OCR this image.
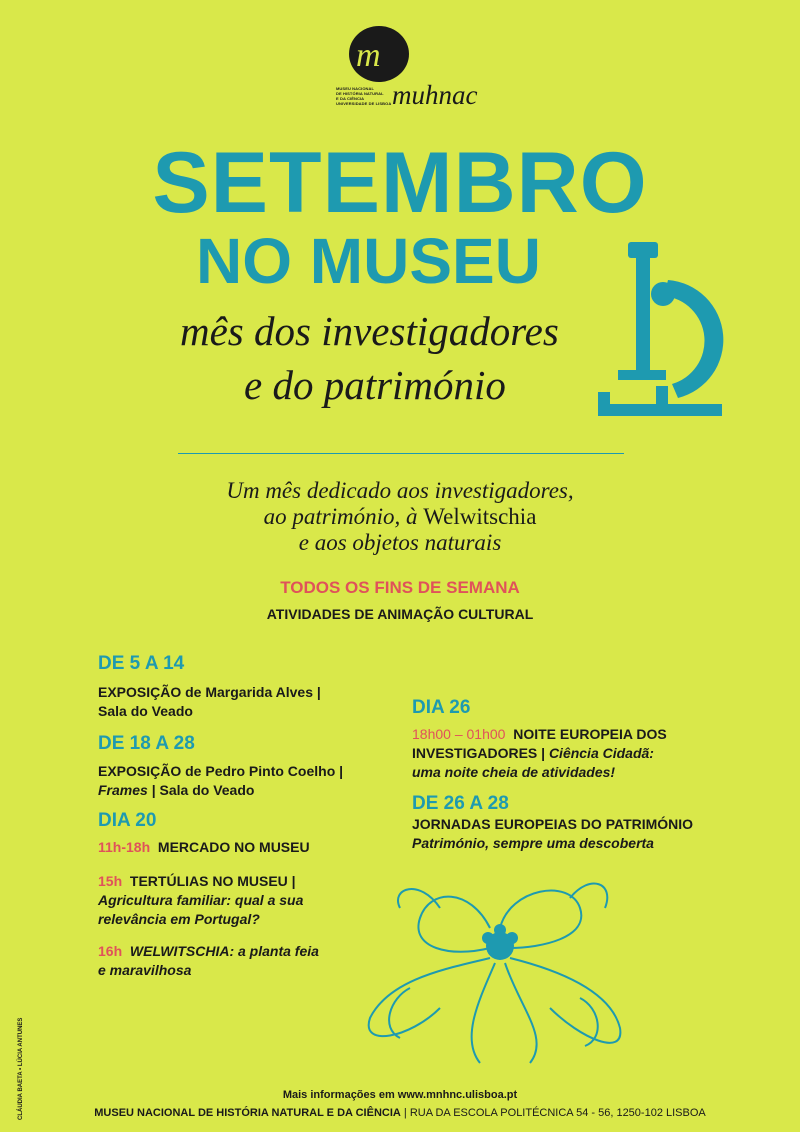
m
MUSEU NACIONAL
DE HISTÓRIA NATURAL
E DA CIÊNCIA
UNIVERSIDADE DE LISBOA muhnac
SETEMBRO
NO MUSEU
mês dos investigadores
e do património
Um mês dedicado aos investigadores,
ao património, à Welwitschia
e aos objetos naturais
TODOS OS FINS DE SEMANA
ATIVIDADES DE ANIMAÇÃO CULTURAL
DE 5 A 14
EXPOSIÇÃO de Margarida Alves |
Sala do Veado
DE 18 A 28
EXPOSIÇÃO de Pedro Pinto Coelho |
Frames | Sala do Veado
DIA 20
11h-18h MERCADO NO MUSEU
15h TERTÚLIAS NO MUSEU |
Agricultura familiar: qual a sua
relevância em Portugal?
16h WELWITSCHIA: a planta feia
e maravilhosa
DIA 26
18h00 – 01h00 NOITE EUROPEIA DOS
INVESTIGADORES | Ciência Cidadã:
uma noite cheia de atividades!
DE 26 A 28
JORNADAS EUROPEIAS DO PATRIMÓNIO
Património, sempre uma descoberta
Mais informações em www.mnhnc.ulisboa.pt
MUSEU NACIONAL DE HISTÓRIA NATURAL E DA CIÊNCIA | RUA DA ESCOLA POLITÉCNICA 54 - 56, 1250-102 LISBOA
CLÁUDIA BAETA • LÚCIA ANTUNES
